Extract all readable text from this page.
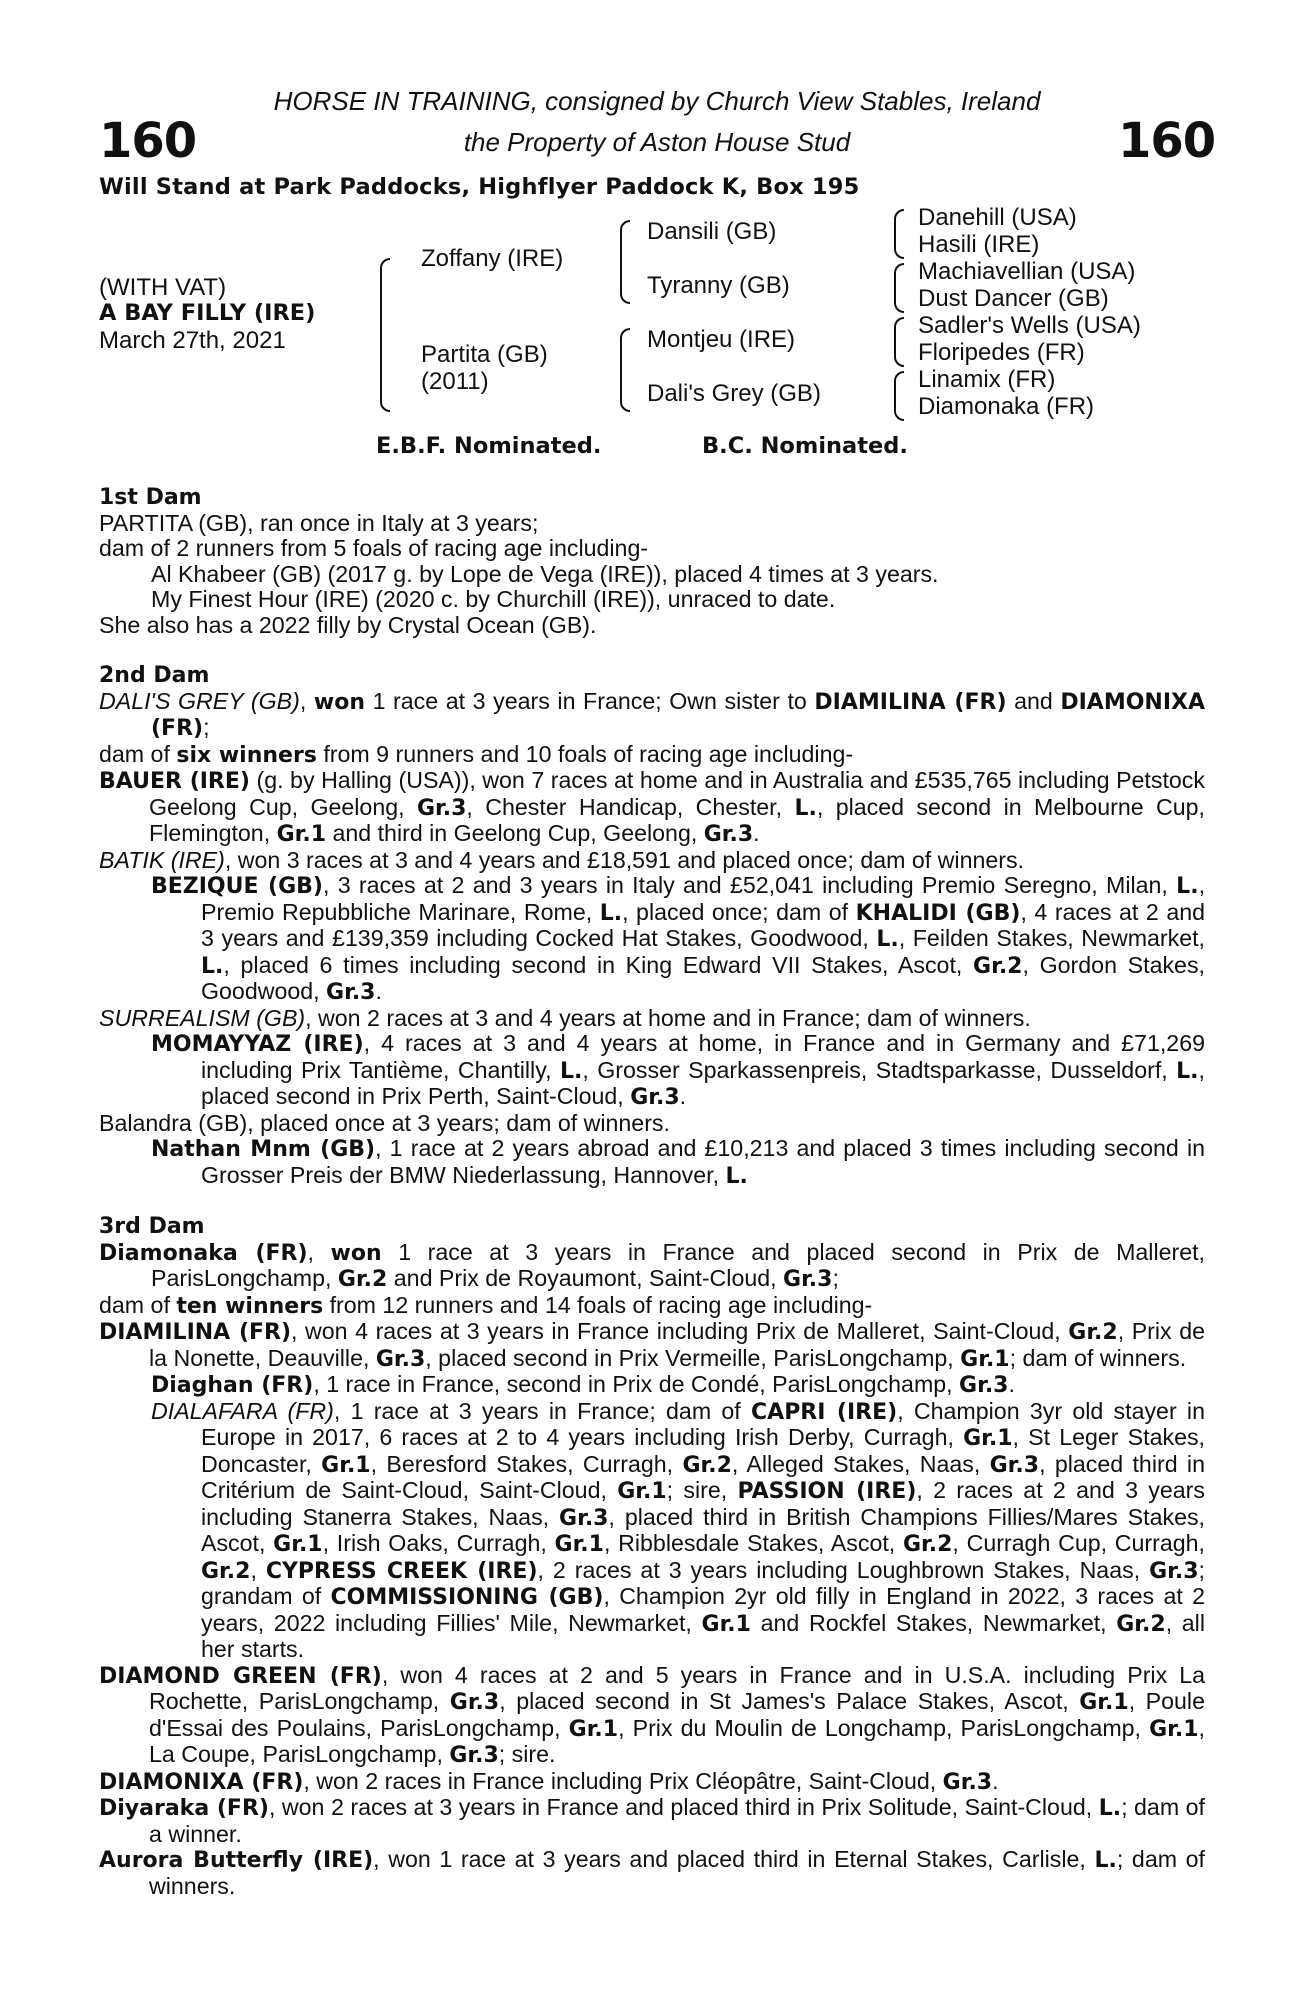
160	160
HORSE IN TRAINING, consigned by Church View Stables, Ireland
the Property of Aston House Stud
Will Stand at Park Paddocks, Highflyer Paddock K, Box 195
(WITH VAT)
A BAY FILLY (IRE)
March 27th, 2021
Zoffany (IRE)
Partita (GB)
(2011)
Dansili (GB)
Tyranny (GB)
Montjeu (IRE)
Dali's Grey (GB)
Danehill (USA)
Hasili (IRE)
Machiavellian (USA)
Dust Dancer (GB)
Sadler's Wells (USA)
Floripedes (FR)
Linamix (FR)
Diamonaka (FR)
E.B.F. Nominated.	B.C. Nominated.
1st Dam

PARTITA (GB), ran once in Italy at 3 years;

dam of 2 runners from 5 foals of racing age including-

Al Khabeer (GB) (2017 g. by Lope de Vega (IRE)), placed 4 times at 3 years.

My Finest Hour (IRE) (2020 c. by Churchill (IRE)), unraced to date.

She also has a 2022 filly by Crystal Ocean (GB).

2nd Dam

DALI'S GREY (GB), won 1 race at 3 years in France; Own sister to DIAMILINA (FR) and DIAMONIXA (FR);

dam of six winners from 9 runners and 10 foals of racing age including-

BAUER (IRE) (g. by Halling (USA)), won 7 races at home and in Australia and £535,765 including Petstock Geelong Cup, Geelong, Gr.3, Chester Handicap, Chester, L., placed second in Melbourne Cup, Flemington, Gr.1 and third in Geelong Cup, Geelong, Gr.3.

BATIK (IRE), won 3 races at 3 and 4 years and £18,591 and placed once; dam of winners.

BEZIQUE (GB), 3 races at 2 and 3 years in Italy and £52,041 including Premio Seregno, Milan, L., Premio Repubbliche Marinare, Rome, L., placed once; dam of KHALIDI (GB), 4 races at 2 and 3 years and £139,359 including Cocked Hat Stakes, Goodwood, L., Feilden Stakes, Newmarket, L., placed 6 times including second in King Edward VII Stakes, Ascot, Gr.2, Gordon Stakes, Goodwood, Gr.3.

SURREALISM (GB), won 2 races at 3 and 4 years at home and in France; dam of winners.

MOMAYYAZ (IRE), 4 races at 3 and 4 years at home, in France and in Germany and £71,269 including Prix Tantième, Chantilly, L., Grosser Sparkassenpreis, Stadtsparkasse, Dusseldorf, L., placed second in Prix Perth, Saint-Cloud, Gr.3.

Balandra (GB), placed once at 3 years; dam of winners.

Nathan Mnm (GB), 1 race at 2 years abroad and £10,213 and placed 3 times including second in Grosser Preis der BMW Niederlassung, Hannover, L.

3rd Dam

Diamonaka (FR), won 1 race at 3 years in France and placed second in Prix de Malleret, ParisLongchamp, Gr.2 and Prix de Royaumont, Saint-Cloud, Gr.3;

dam of ten winners from 12 runners and 14 foals of racing age including-

DIAMILINA (FR), won 4 races at 3 years in France including Prix de Malleret, Saint-Cloud, Gr.2, Prix de la Nonette, Deauville, Gr.3, placed second in Prix Vermeille, ParisLongchamp, Gr.1; dam of winners.

Diaghan (FR), 1 race in France, second in Prix de Condé, ParisLongchamp, Gr.3.

DIALAFARA (FR), 1 race at 3 years in France; dam of CAPRI (IRE), Champion 3yr old stayer in Europe in 2017, 6 races at 2 to 4 years including Irish Derby, Curragh, Gr.1, St Leger Stakes, Doncaster, Gr.1, Beresford Stakes, Curragh, Gr.2, Alleged Stakes, Naas, Gr.3, placed third in Critérium de Saint-Cloud, Saint-Cloud, Gr.1; sire, PASSION (IRE), 2 races at 2 and 3 years including Stanerra Stakes, Naas, Gr.3, placed third in British Champions Fillies/Mares Stakes, Ascot, Gr.1, Irish Oaks, Curragh, Gr.1, Ribblesdale Stakes, Ascot, Gr.2, Curragh Cup, Curragh, Gr.2, CYPRESS CREEK (IRE), 2 races at 3 years including Loughbrown Stakes, Naas, Gr.3; grandam of COMMISSIONING (GB), Champion 2yr old filly in England in 2022, 3 races at 2 years, 2022 including Fillies' Mile, Newmarket, Gr.1 and Rockfel Stakes, Newmarket, Gr.2, all her starts.

DIAMOND GREEN (FR), won 4 races at 2 and 5 years in France and in U.S.A. including Prix La Rochette, ParisLongchamp, Gr.3, placed second in St James's Palace Stakes, Ascot, Gr.1, Poule d'Essai des Poulains, ParisLongchamp, Gr.1, Prix du Moulin de Longchamp, ParisLongchamp, Gr.1, La Coupe, ParisLongchamp, Gr.3; sire.

DIAMONIXA (FR), won 2 races in France including Prix Cléopâtre, Saint-Cloud, Gr.3.

Diyaraka (FR), won 2 races at 3 years in France and placed third in Prix Solitude, Saint-Cloud, L.; dam of a winner.

Aurora Butterfly (IRE), won 1 race at 3 years and placed third in Eternal Stakes, Carlisle, L.; dam of winners.
